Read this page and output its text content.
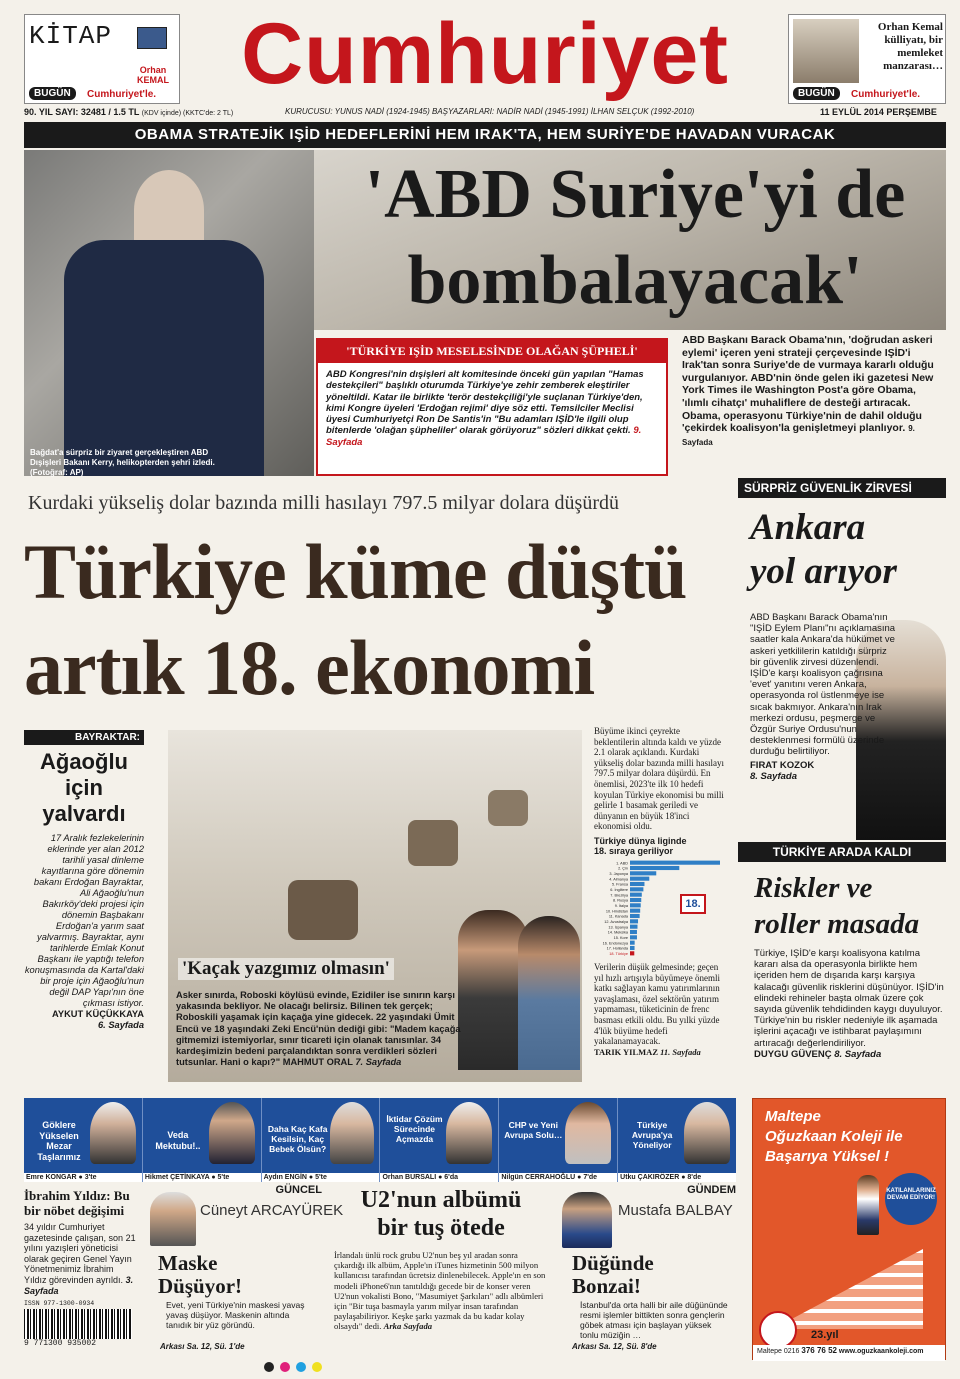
KİTAP
Orhan KEMAL
BUGÜN	Cumhuriyet'le. Cumhuriyet	Orhan Kemal külliyatı, bir memleket manzarası…
BUGÜN	Cumhuriyet'le.
90. YIL SAYI: 32481 / 1.5 TL (KDV içinde) (KKTC'de: 2 TL)	KURUCUSU: YUNUS NADİ (1924-1945) BAŞYAZARLARI: NADİR NADİ (1945-1991) İLHAN SELÇUK (1992-2010)	11 EYLÜL 2014 PERŞEMBE
OBAMA STRATEJİK IŞİD HEDEFLERİNİ HEM IRAK'TA, HEM SURİYE'DE HAVADAN VURACAK
Bağdat'a sürpriz bir ziyaret gerçekleştiren ABD Dışişleri Bakanı Kerry, helikopterden şehri izledi. (Fotoğraf: AP)
'ABD Suriye'yi de
bombalayacak'
'TÜRKİYE IŞİD MESELESİNDE OLAĞAN ŞÜPHELİ'
ABD Kongresi'nin dışişleri alt komitesinde önceki gün yapılan "Hamas destekçileri" başlıklı oturumda Türkiye'ye zehir zemberek eleştiriler yöneltildi. Katar ile birlikte 'terör destekçiliği'yle suçlanan Türkiye'den, kimi Kongre üyeleri 'Erdoğan rejimi' diye söz etti. Temsilciler Meclisi üyesi Cumhuriyetçi Ron De Santis'in "Bu adamları IŞİD'le ilgili olup bitenlerde 'olağan şüpheliler' olarak görüyoruz" sözleri dikkat çekti. 9. Sayfada
ABD Başkanı Barack Obama'nın, 'doğrudan askeri eylemi' içeren yeni strateji çerçevesinde IŞİD'i Irak'tan sonra Suriye'de de vurmaya kararlı olduğu vurgulanıyor. ABD'nin önde gelen iki gazetesi New York Times ile Washington Post'a göre Obama, 'ılımlı cihatçı' muhaliflere de desteği artıracak. Obama, operasyonu Türkiye'nin de dahil olduğu 'çekirdek koalisyon'la genişletmeyi planlıyor. 9. Sayfada
Kurdaki yükseliş dolar bazında milli hasılayı 797.5 milyar dolara düşürdü
Türkiye küme düştü
artık 18. ekonomi
SÜRPRİZ GÜVENLİK ZİRVESİ
Ankara
yol arıyor
ABD Başkanı Barack Obama'nın "IŞİD Eylem Planı"nı açıklamasına saatler kala Ankara'da hükümet ve askeri yetkililerin katıldığı sürpriz bir güvenlik zirvesi düzenlendi. IŞİD'e karşı koalisyon çağrısına 'evet' yanıtını veren Ankara, operasyonda rol üstlenmeye ise sıcak bakmıyor. Ankara'nın Irak merkezi ordusu, peşmerge ve Özgür Suriye Ordusu'nun desteklenmesi formülü üzerinde durduğu belirtiliyor.
FIRAT KOZOK
8. Sayfada
TÜRKİYE ARADA KALDI
Riskler ve
roller masada
Türkiye, IŞİD'e karşı koalisyona katılma kararı alsa da operasyonla birlikte hem içeriden hem de dışarıda karşı karşıya kalacağı güvenlik risklerini düşünüyor. IŞİD'in elindeki rehineler başta olmak üzere çok sayıda güvenlik tehdidinden kaygı duyuluyor. Türkiye'nin bu riskler nedeniyle ilk aşamada işlerini açacağı ve istihbarat paylaşımını artıracağı değerlendiriliyor.
DUYGU GÜVENÇ 8. Sayfada
BAYRAKTAR:
Ağaoğlu
için
yalvardı
17 Aralık fezlekelerinin eklerinde yer alan 2012 tarihli yasal dinleme kayıtlarına göre dönemin bakanı Erdoğan Bayraktar, Ali Ağaoğlu'nun Bakırköy'deki projesi için dönemin Başbakanı Erdoğan'a yarım saat yalvarmış. Bayraktar, aynı tarihlerde Emlak Konut Başkanı ile yaptığı telefon konuşmasında da Kartal'daki bir proje için Ağaoğlu'nun değil DAP Yapı'nın öne çıkması istiyor.
AYKUT KÜÇÜKKAYA
6. Sayfada
'Kaçak yazgımız olmasın'
Asker sınırda, Roboski köylüsü evinde, Ezidiler ise sınırın karşı yakasında bekliyor. Ne olacağı belirsiz. Bilinen tek gerçek; Roboskili yaşamak için kaçağa yine gidecek. 22 yaşındaki Ümit Encü ve 18 yaşındaki Zeki Encü'nün dediği gibi: "Madem kaçağa gitmemizi istemiyorlar, sınır ticareti için olanak tanısınlar. 34 kardeşimizin bedeni parçalandıktan sonra verdikleri sözleri tutsunlar. Hani o kapı?" MAHMUT ORAL 7. Sayfada
Büyüme ikinci çeyrekte beklentilerin altında kaldı ve yüzde 2.1 olarak açıklandı. Kurdaki yükseliş dolar bazında milli hasılayı 797.5 milyar dolara düşürdü. En önemlisi, 2023'te ilk 10 hedefi koyulan Türkiye ekonomisi bu milli gelirle 1 basamak geriledi ve dünyanın en büyük 18'inci ekonomisi oldu.
Türkiye dünya liginde
18. sıraya geriliyor
1. ABD
2. Çin
3. Japonya
4. Almanya
5. Fransa
6. İngiltere
7. Brezilya
8. Rusya
9. İtalya
10. Hindistan
11. Kanada
12. Avustralya
13. İspanya
14. Meksika
15. Kore
16. Endonezya
17. Hollanda
18. Türkiye
18.
Verilerin düşük gelmesinde; geçen yıl hızlı artışıyla büyümeye önemli katkı sağlayan kamu yatırımlarının yavaşlaması, özel sektörün yatırım yapmaması, tüketicinin de frenc basması etkili oldu. Bu yılki yüzde 4'lük büyüme hedefi yakalanamayacak.
TARIK YILMAZ 11. Sayfada
Göklere Yükselen Mezar Taşlarımız
Emre KONGAR ● 3'te
Veda Mektubu!..
Hikmet ÇETİNKAYA ● 5'te
Daha Kaç Kafa Kesilsin, Kaç Bebek Ölsün?
Aydın ENGİN ● 5'te
İktidar Çözüm Sürecinde Açmazda
Orhan BURSALI ● 6'da
CHP ve Yeni Avrupa Solu…
Nilgün CERRAHOĞLU ● 7'de
Türkiye Avrupa'ya Yöneliyor
Utku ÇAKIRÖZER ● 8'de
Maltepe
Oğuzkaan Koleji ile
Başarıya Yüksel !
KATILANLARINIZ DEVAM EDİYOR!
23.yıl
Maltepe 0216 376 76 52 www.oguzkaankoleji.com
İbrahim Yıldız: Bu bir nöbet değişimi
34 yıldır Cumhuriyet gazetesinde çalışan, son 21 yılını yazışleri yöneticisi olarak geçiren Genel Yayın Yönetmenimiz İbrahim Yıldız görevinden ayrıldı. 3. Sayfada
ISSN 977-1300-0934
9 771300 935002
GÜNCEL
Cüneyt ARCAYÜREK
Maske
Düşüyor!
Evet, yeni Türkiye'nin maskesi yavaş yavaş düşüyor. Maskenin altında tanıdık bir yüz göründü.
Arkası Sa. 12, Sü. 1'de
U2'nun albümü
bir tuş ötede
İrlandalı ünlü rock grubu U2'nun beş yıl aradan sonra çıkardığı ilk albüm, Apple'ın iTunes hizmetinin 500 milyon kullanıcısı tarafından ücretsiz dinlenebilecek. Apple'ın en son modeli iPhone6'nın tanıtıldığı gecede bir de konser veren U2'nun vokalisti Bono, "Masumiyet Şarkıları" adlı albümleri için "Bir tuşa basmayla yarım milyar insan tarafından paylaşabiliriyor. Keşke şarkı yazmak da bu kadar kolay olsaydı" dedi. Arka Sayfada
GÜNDEM
Mustafa BALBAY
Düğünde
Bonzai!
İstanbul'da orta halli bir aile düğününde resmi işlemler bittikten sonra gençlerin göbek atması için başlayan yüksek tonlu müziğin …
Arkası Sa. 12, Sü. 8'de
